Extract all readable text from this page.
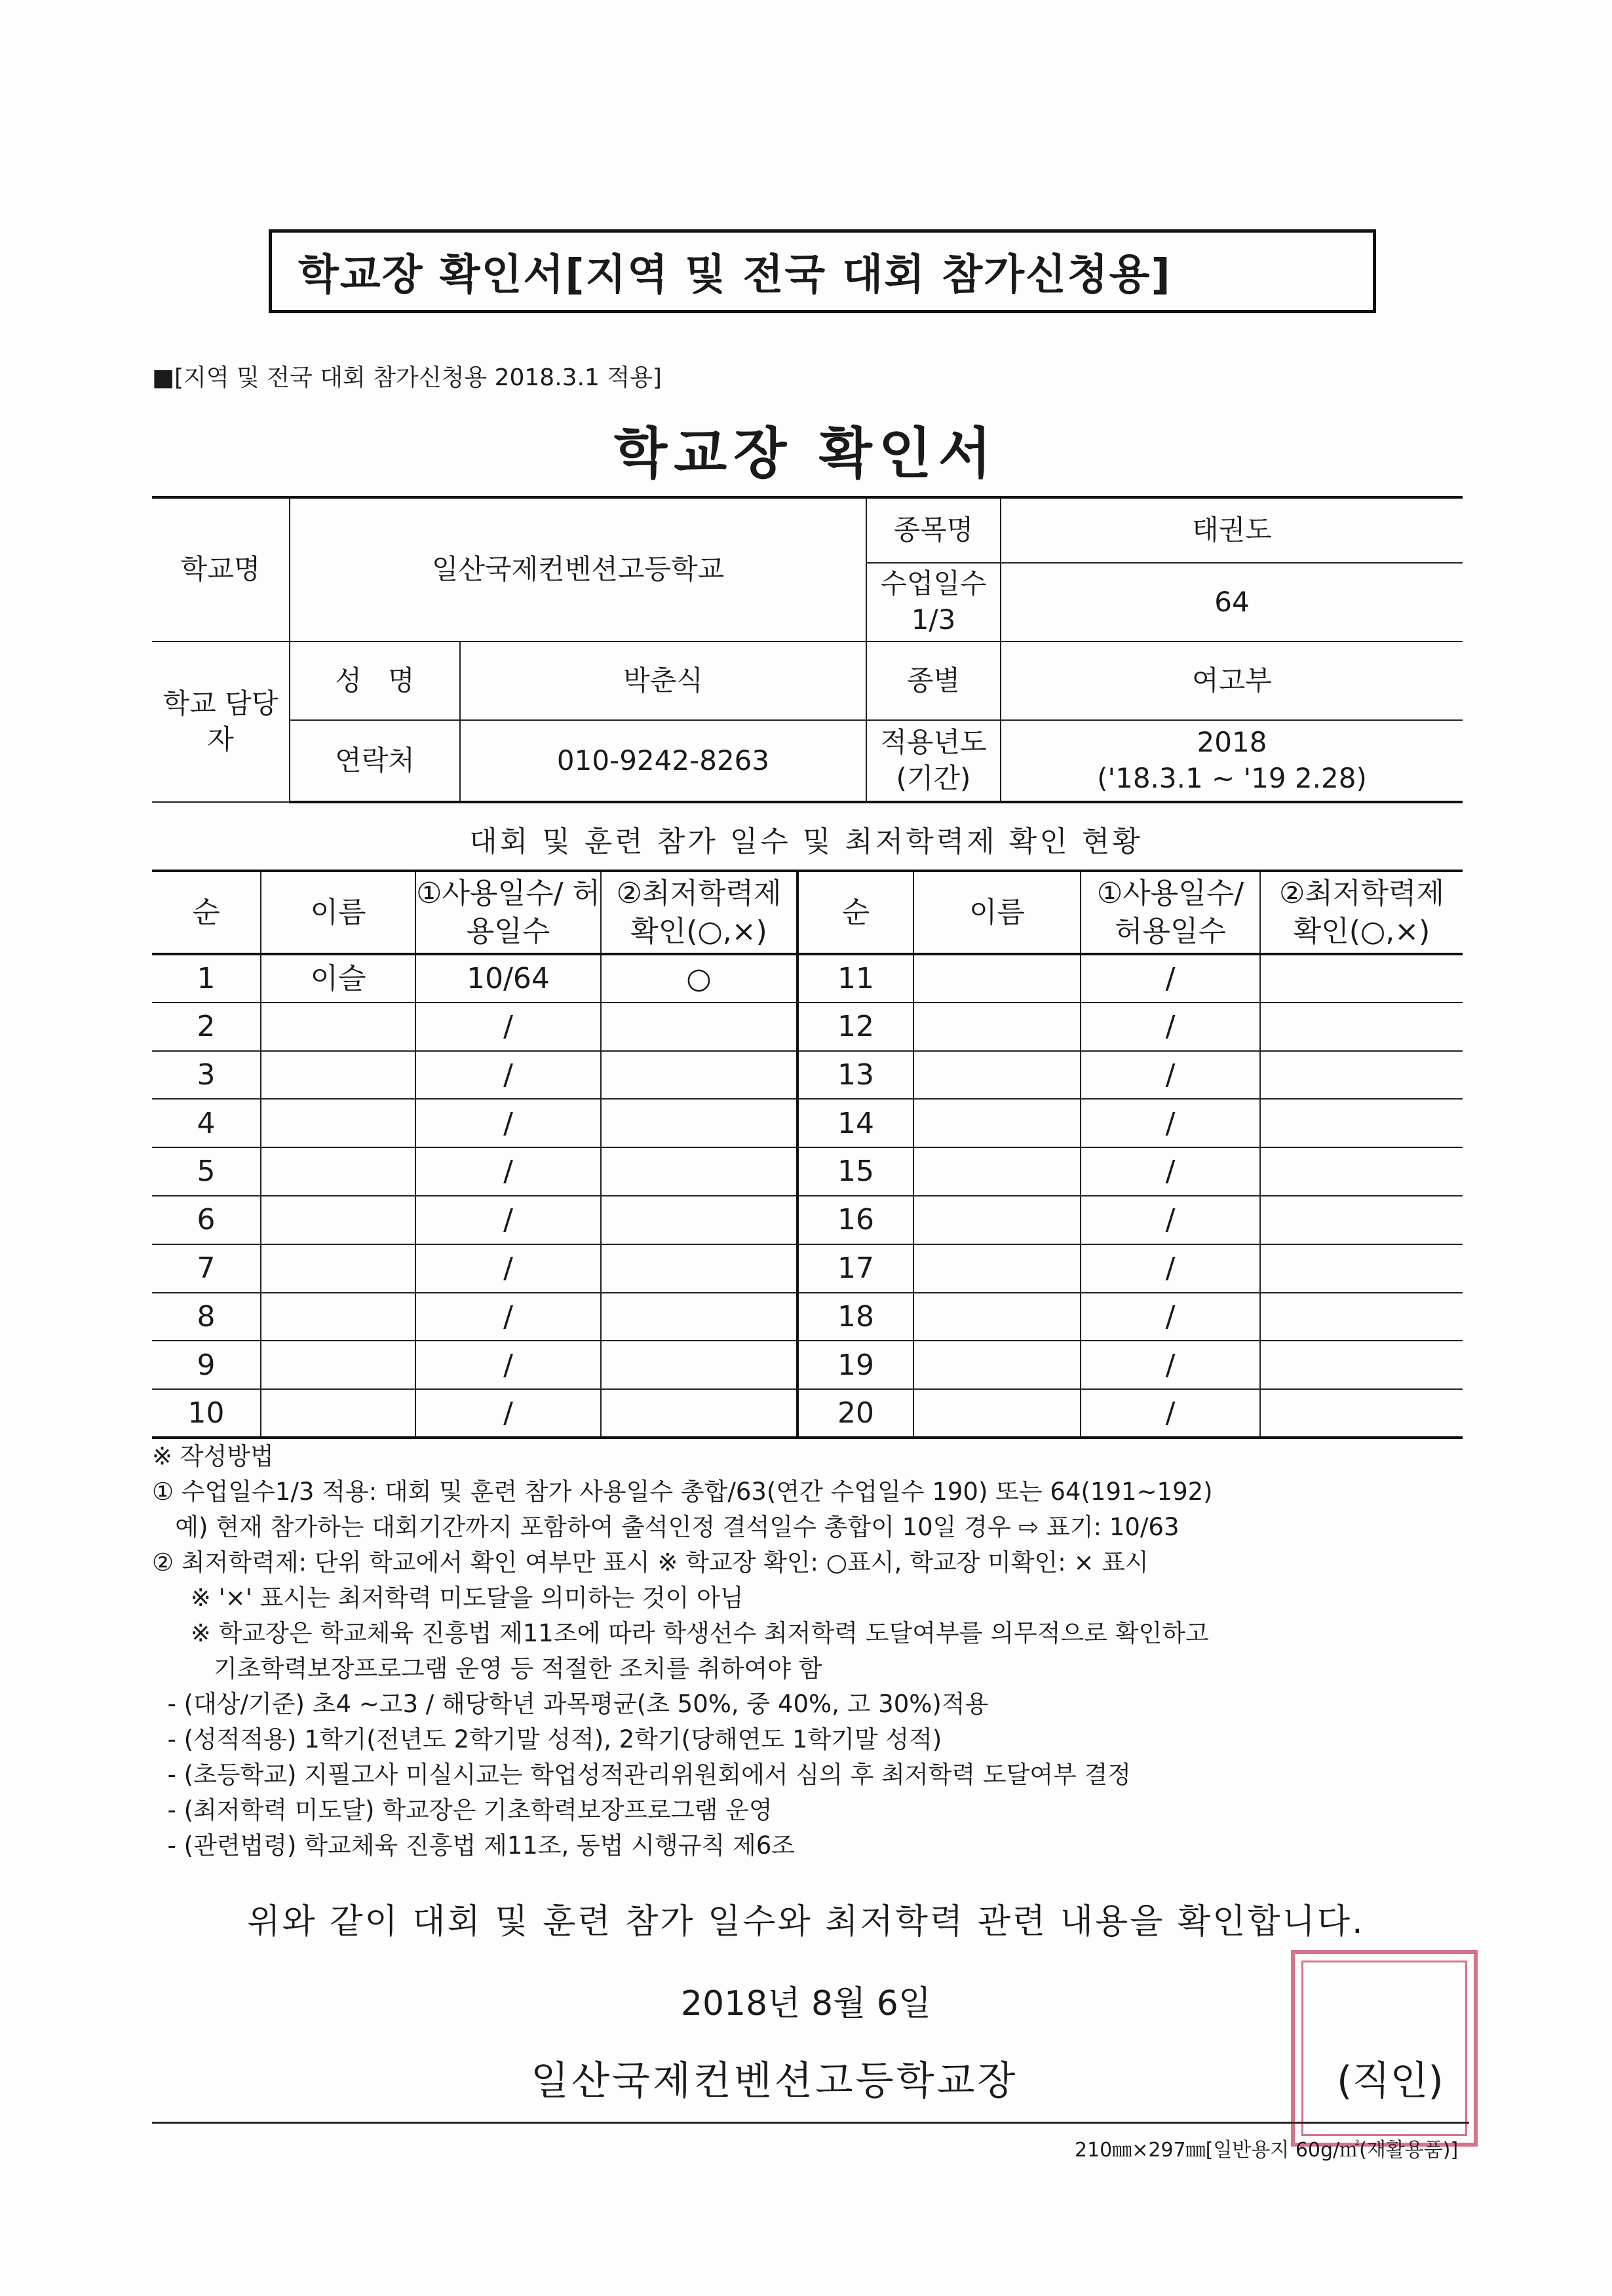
학교장 확인서[지역 및 전국 대회 참가신청용]
■[지역 및 전국 대회 참가신청용 2018.3.1 적용]
학교장 확인서
학교명	일산국제컨벤션고등학교		종목명	태권도
			수업일수 1/3	64
학교 담당자	성   명	박춘식	종별	여고부
	연락처	010-9242-8263	적용년도 (기간)	2018
('18.3.1 ~ '19 2.28)
대회 및 훈련 참가 일수 및 최저학력제 확인 현황
순	이름	①사용일수/ 허용일수	②최저학력제 확인(○,×)	순	이름	①사용일수/ 허용일수	②최저학력제 확인(○,×)
1	이슬	10/64	○	11		/	
2		/		12		/	
3		/		13		/	
4		/		14		/	
5		/		15		/	
6		/		16		/	
7		/		17		/	
8		/		18		/	
9		/		19		/	
10		/		20		/	
※ 작성방법
① 수업일수1/3 적용: 대회 및 훈련 참가 사용일수 총합/63(연간 수업일수 190) 또는 64(191~192)
예) 현재 참가하는 대회기간까지 포함하여 출석인정 결석일수 총합이 10일 경우 ⇨ 표기: 10/63
② 최저학력제: 단위 학교에서 확인 여부만 표시 ※ 학교장 확인: ○표시, 학교장 미확인: × 표시
※ '×' 표시는 최저학력 미도달을 의미하는 것이 아님
※ 학교장은 학교체육 진흥법 제11조에 따라 학생선수 최저학력 도달여부를 의무적으로 확인하고
기초학력보장프로그램 운영 등 적절한 조치를 취하여야 함
- (대상/기준) 초4 ~고3 / 해당학년 과목평균(초 50%, 중 40%, 고 30%)적용
- (성적적용) 1학기(전년도 2학기말 성적), 2학기(당해연도 1학기말 성적)
- (초등학교) 지필고사 미실시교는 학업성적관리위원회에서 심의 후 최저학력 도달여부 결정
- (최저학력 미도달) 학교장은 기초학력보장프로그램 운영
- (관련법령) 학교체육 진흥법 제11조, 동법 시행규칙 제6조
위와 같이 대회 및 훈련 참가 일수와 최저학력 관련 내용을 확인합니다.
2018년 8월 6일
일산국제컨벤션고등학교장	(직인)
210㎜×297㎜[일반용지 60g/㎡(재활용품)]
